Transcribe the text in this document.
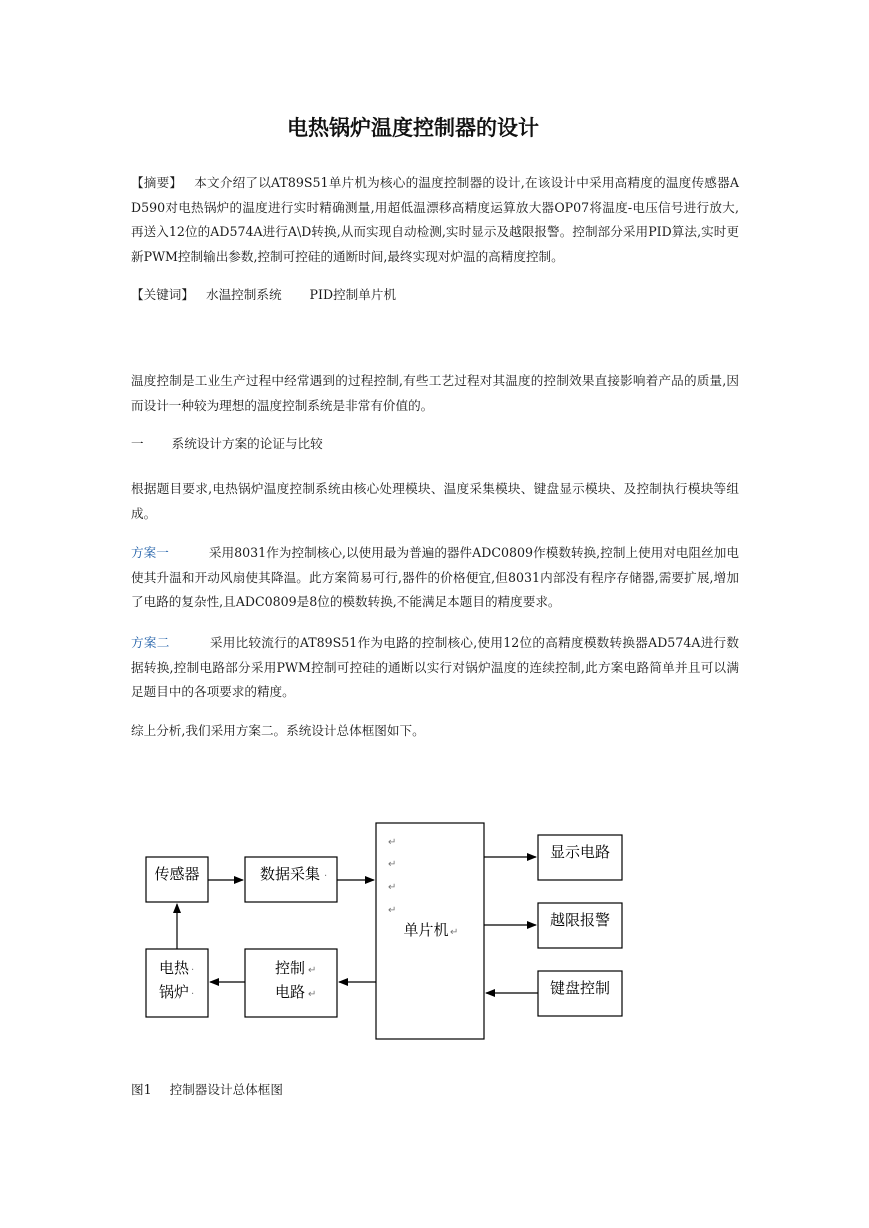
电热锅炉温度控制器的设计
【摘要】 本文介绍了以AT89S51单片机为核心的温度控制器的设计,在该设计中采用高精度的温度传感器AD590对电热锅炉的温度进行实时精确测量,用超低温漂移高精度运算放大器OP07将温度-电压信号进行放大,再送入12位的AD574A进行A\D转换,从而实现自动检测,实时显示及越限报警。控制部分采用PID算法,实时更新PWM控制输出参数,控制可控硅的通断时间,最终实现对炉温的高精度控制。
【关键词】 水温控制系统 PID控制单片机
温度控制是工业生产过程中经常遇到的过程控制,有些工艺过程对其温度的控制效果直接影响着产品的质量,因而设计一种较为理想的温度控制系统是非常有价值的。
一 系统设计方案的论证与比较
根据题目要求,电热锅炉温度控制系统由核心处理模块、温度采集模块、键盘显示模块、及控制执行模块等组成。
方案一	采用8031作为控制核心,以使用最为普遍的器件ADC0809作模数转换,控制上使用对电阻丝加电使其升温和开动风扇使其降温。此方案简易可行,器件的价格便宜,但8031内部没有程序存储器,需要扩展,增加了电路的复杂性,且ADC0809是8位的模数转换,不能满足本题目的精度要求。
方案二	采用比较流行的AT89S51作为电路的控制核心,使用12位的高精度模数转换器AD574A进行数据转换,控制电路部分采用PWM控制可控硅的通断以实行对锅炉温度的连续控制,此方案电路简单并且可以满足题目中的各项要求的精度。
综上分析,我们采用方案二。系统设计总体框图如下。
传感器	数据采集 ·
↵
↵
↵
↵
单片机 ↵
显示电路
越限报警
键盘控制
电热 ·
锅炉 ·
控制 ↵
电路 ↵
图1 控制器设计总体框图
